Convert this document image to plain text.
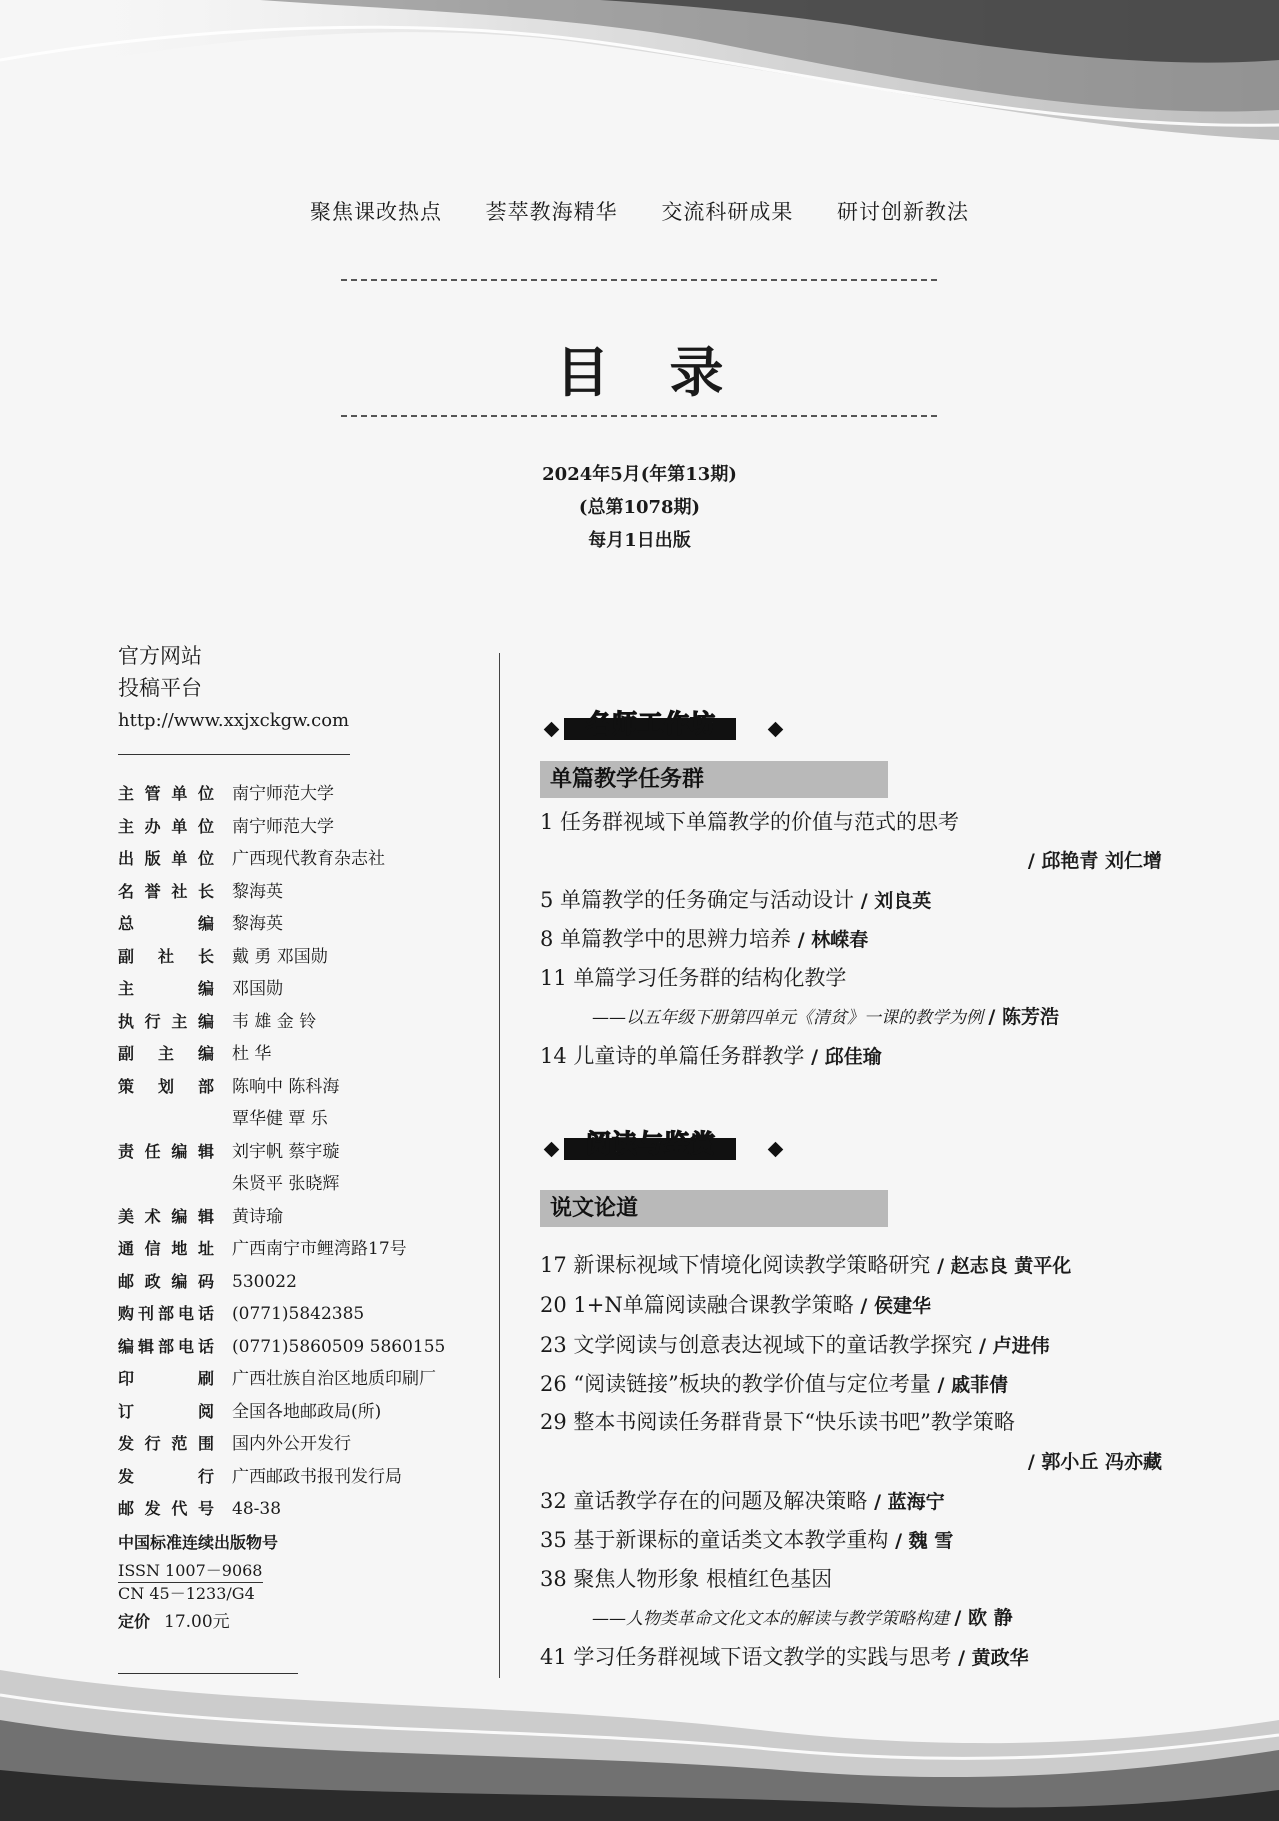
聚焦课改热点 荟萃教海精华 交流科研成果 研讨创新教法
目录
2024年5月(年第13期)
(总第1078期)
每月1日出版
官方网站
投稿平台
http://www.xxjxckgw.com
主管单位 南宁师范大学
主办单位 南宁师范大学
出版单位 广西现代教育杂志社
名誉社长 黎海英
总编 黎海英
副社长 戴 勇 邓国勋
主编 邓国勋
执行主编 韦 雄 金 铃
副主编 杜 华
策划部 陈响中 陈科海
覃华健 覃 乐
责任编辑 刘宇帆 蔡宇璇
朱贤平 张晓辉
美术编辑 黄诗瑜
通信地址 广西南宁市鲤湾路17号
邮政编码 530022
购刊部电话 (0771)5842385
编辑部电话 (0771)5860509 5860155
印刷 广西壮族自治区地质印刷厂
订阅 全国各地邮政局(所)
发行范围 国内外公开发行
发行 广西邮政书报刊发行局
邮发代号 48-38
中国标准连续出版物号
ISSN 1007－9068
CN 45－1233/G4
定价 17.00元
名师工作坊
单篇教学任务群
阅读与鉴赏
说文论道
1 任务群视域下单篇教学的价值与范式的思考
/ 邱艳青 刘仁增
5 单篇教学的任务确定与活动设计 / 刘良英
8 单篇教学中的思辨力培养 / 林嵘春
11 单篇学习任务群的结构化教学
——以五年级下册第四单元《清贫》一课的教学为例 / 陈芳浩
14 儿童诗的单篇任务群教学 / 邱佳瑜
17 新课标视域下情境化阅读教学策略研究 / 赵志良 黄平化
20 1+N单篇阅读融合课教学策略 / 侯建华
23 文学阅读与创意表达视域下的童话教学探究 / 卢进伟
26 “阅读链接”板块的教学价值与定位考量 / 戚菲倩
29 整本书阅读任务群背景下“快乐读书吧”教学策略
/ 郭小丘 冯亦藏
32 童话教学存在的问题及解决策略 / 蓝海宁
35 基于新课标的童话类文本教学重构 / 魏 雪
38 聚焦人物形象 根植红色基因
——人物类革命文化文本的解读与教学策略构建 / 欧 静
41 学习任务群视域下语文教学的实践与思考 / 黄政华
